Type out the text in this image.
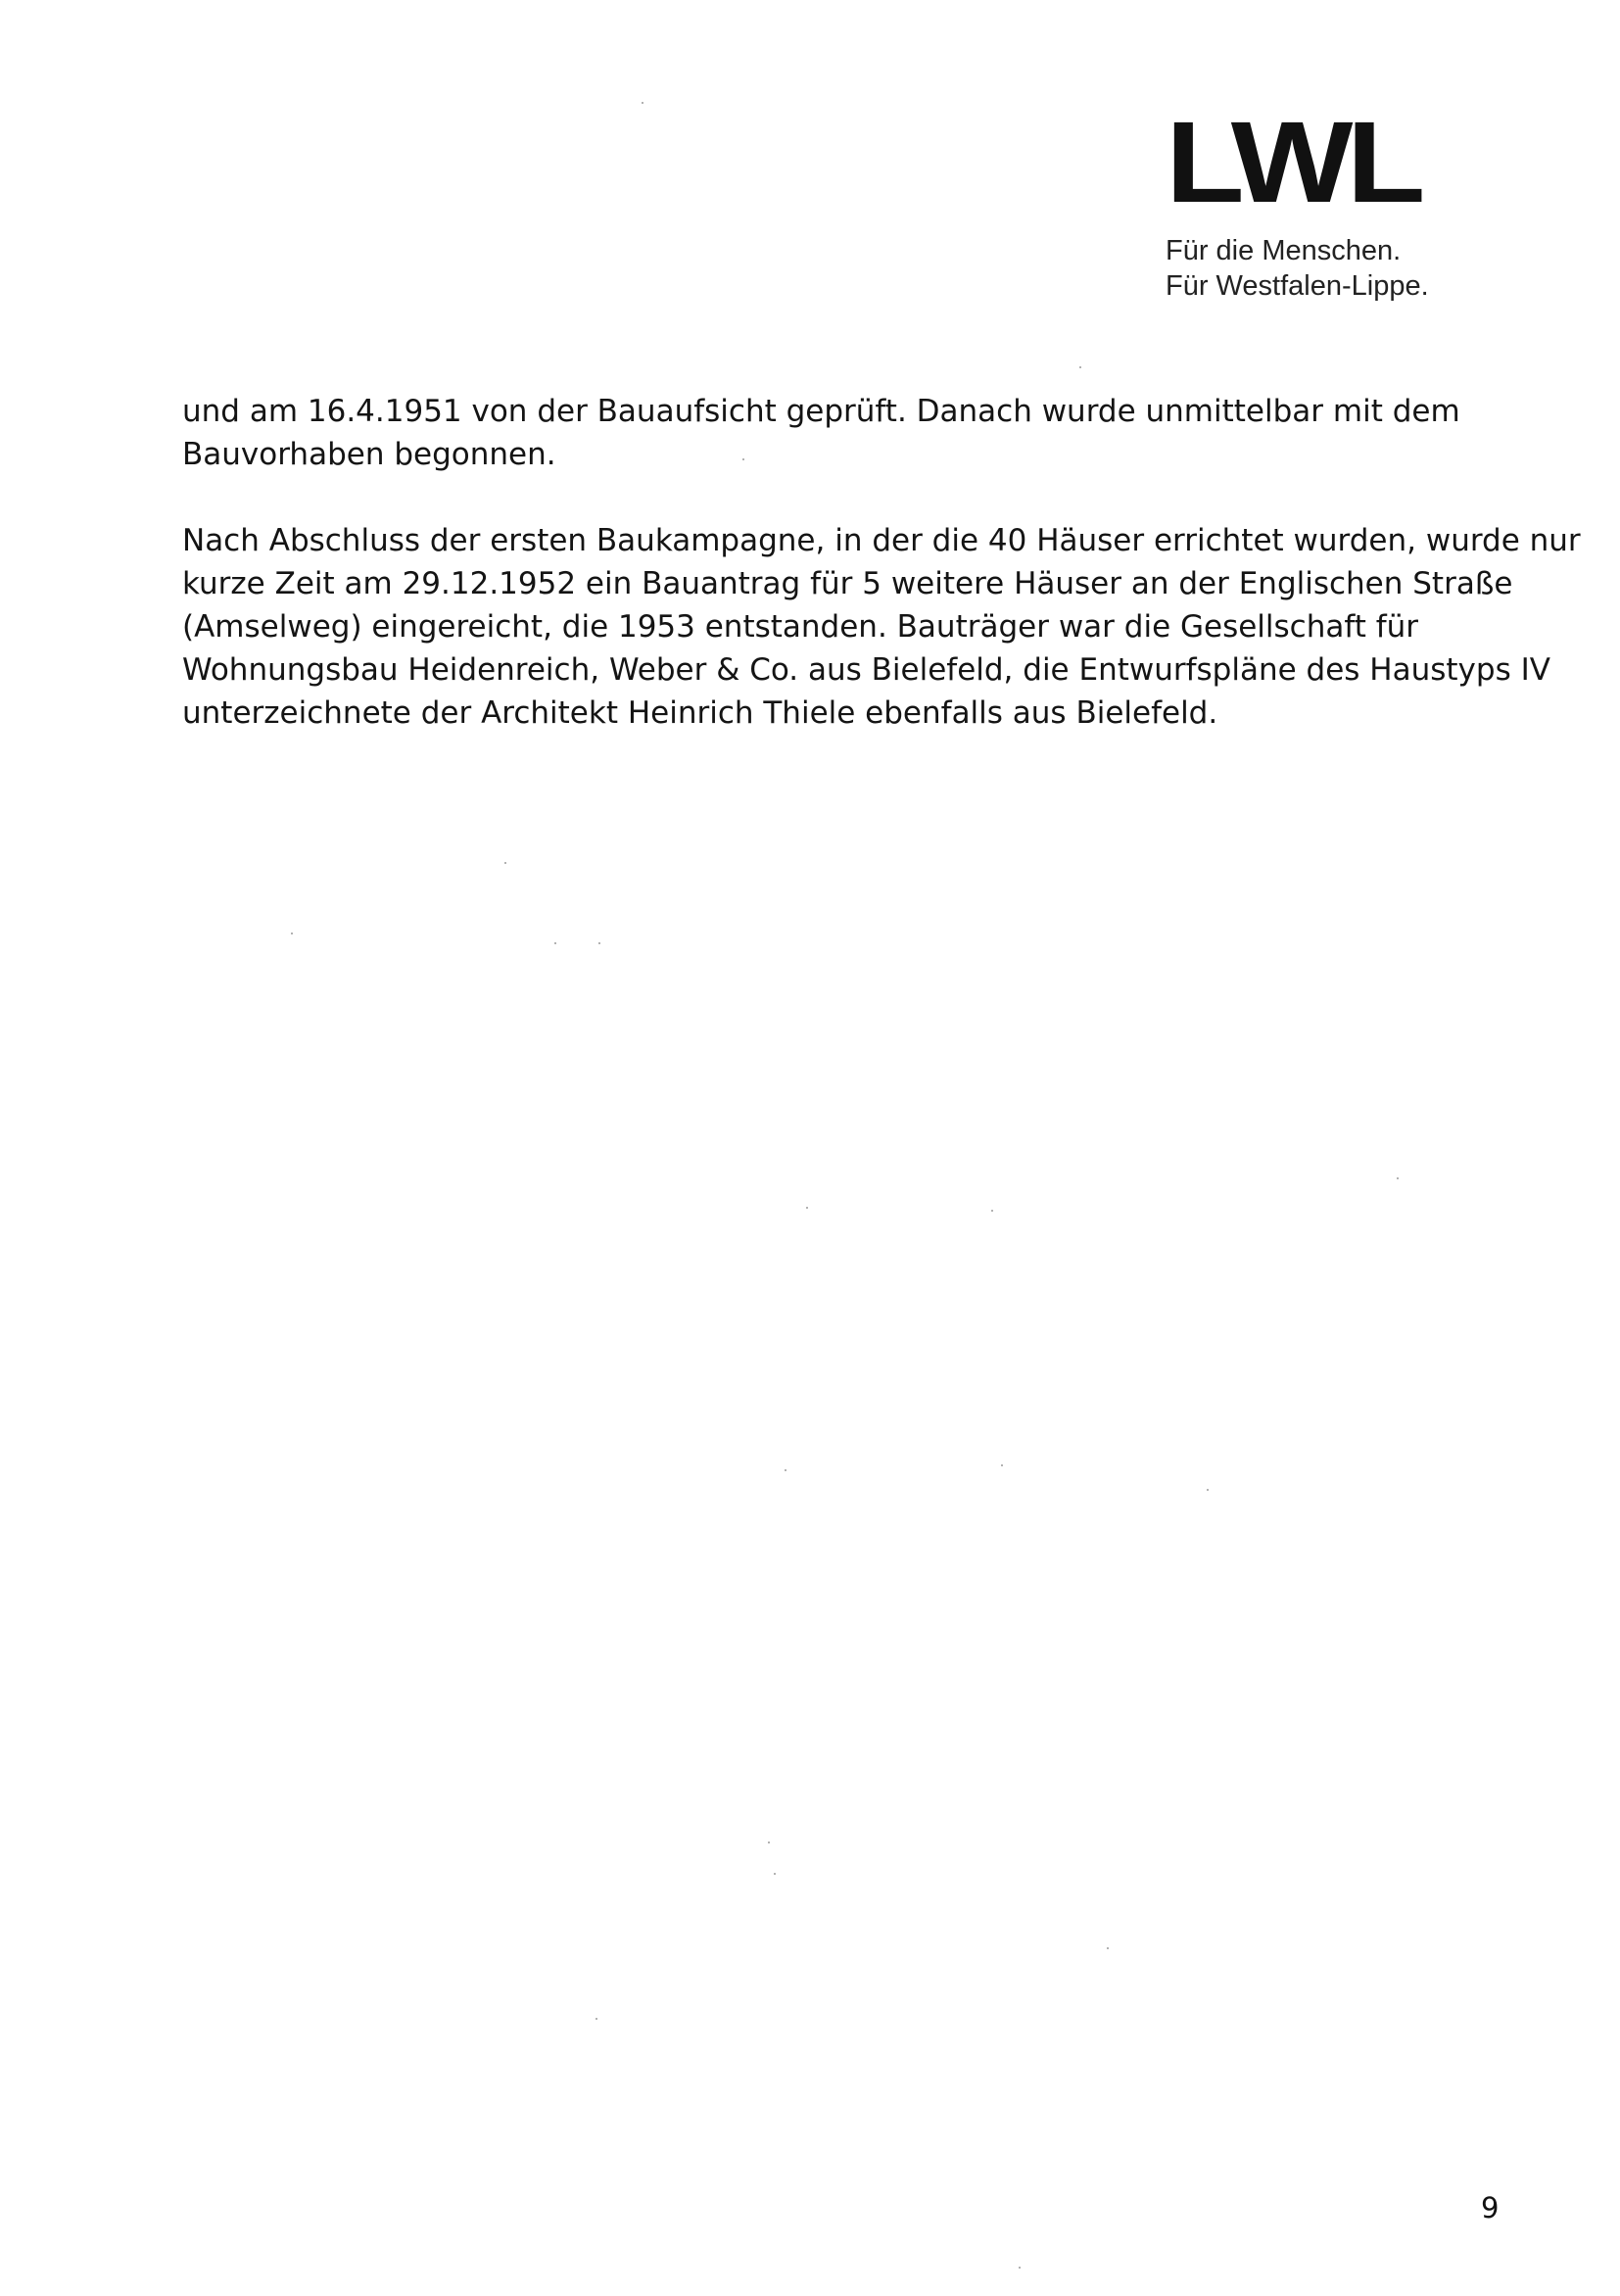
LWL
Für die Menschen.
Für Westfalen-Lippe.

und am 16.4.1951 von der Bauaufsicht geprüft. Danach wurde unmittelbar mit dem
Bauvorhaben begonnen.

Nach Abschluss der ersten Baukampagne, in der die 40 Häuser errichtet wurden, wurde nur
kurze Zeit am 29.12.1952 ein Bauantrag für 5 weitere Häuser an der Englischen Straße
(Amselweg) eingereicht, die 1953 entstanden. Bauträger war die Gesellschaft für
Wohnungsbau Heidenreich, Weber & Co. aus Bielefeld, die Entwurfspläne des Haustyps IV
unterzeichnete der Architekt Heinrich Thiele ebenfalls aus Bielefeld.

9
